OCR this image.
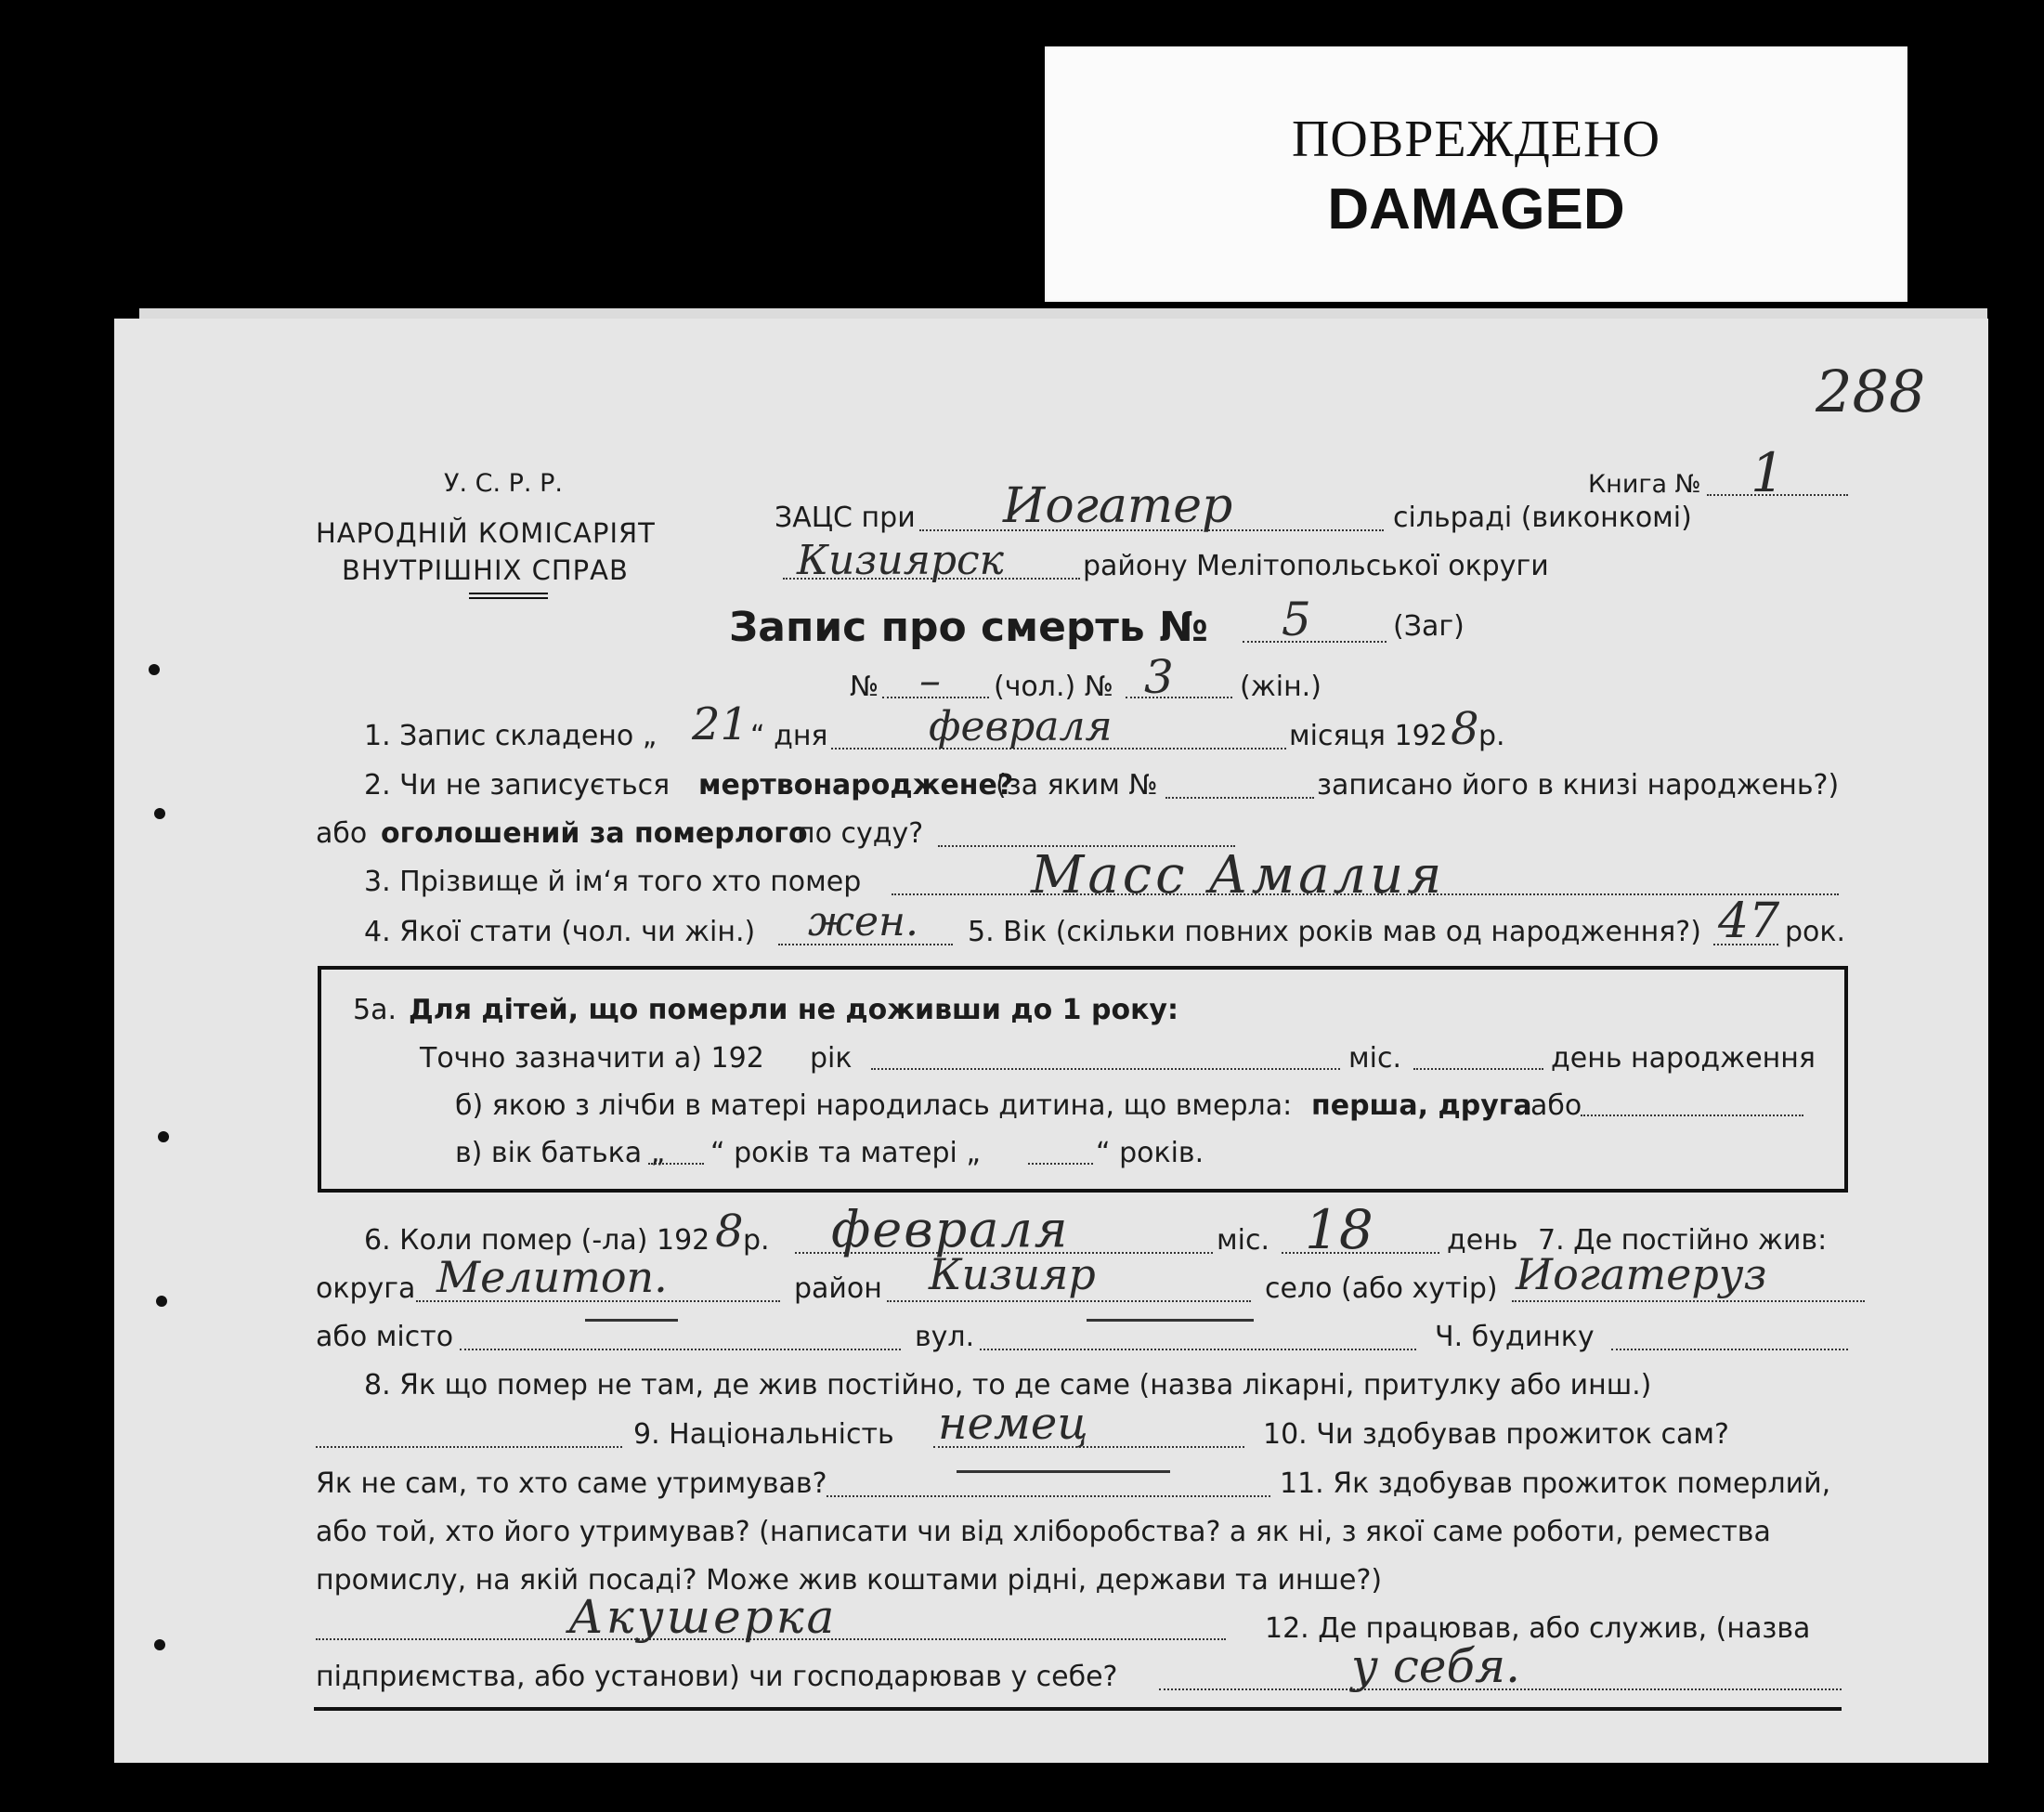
ПОВРЕЖДЕНО
DAMAGED
288
У. С. Р. Р.
НАРОДНІЙ КОМІСАРІЯТ
ВНУТРІШНІХ СПРАВ
Книга № 1
ЗАЦС при Иогатер	сільраді (виконкомі)
Кизиярск	району Мелітопольської округи
Запис про смерть № 5	(Заг)
№ – (чол.) № 3 (жін.)
1. Запис складено „ 21 “ дня февраля	місяця 192 8 р.
2. Чи не записується мертвонароджене?
(за яким №	записано його в книзі народжень?)
або оголошений за померлого
по суду?
3. Прізвище й ім‘я того хто помер	Масс Амалия
4. Якої стати (чол. чи жін.) жен. 5. Вік (скільки повних років мав од народження?) 47 рок.
5а. Для дітей, що померли не доживши до 1 року:
Точно зазначити а) 192 рік	міс.	день народження
б) якою з лічби в матері народилась дитина, що вмерла: перша, друга
або
в) вік батька „ “ років та матері „	“ років.
6. Коли помер (-ла) 192 8 р. февраля	міс. 18	день 7. Де постійно жив:
округа Мелитоп.	район Кизияр	село (або хутір) Иогатеруз
або місто	вул.	Ч. будинку
8. Як що помер не там, де жив постійно, то де саме (назва лікарні, притулку або инш.)
9. Національність немец	10. Чи здобував прожиток сам?
Як не сам, то хто саме утримував?	11. Як здобував прожиток померлий,
або той, хто його утримував? (написати чи від хліборобства? а як ні, з якої саме роботи, ремества
промислу, на якій посаді? Може жив коштами рідні, держави та инше?)
Акушерка	12. Де працював, або служив, (назва
підприємства, або установи) чи господарював у себе?	у себя.
